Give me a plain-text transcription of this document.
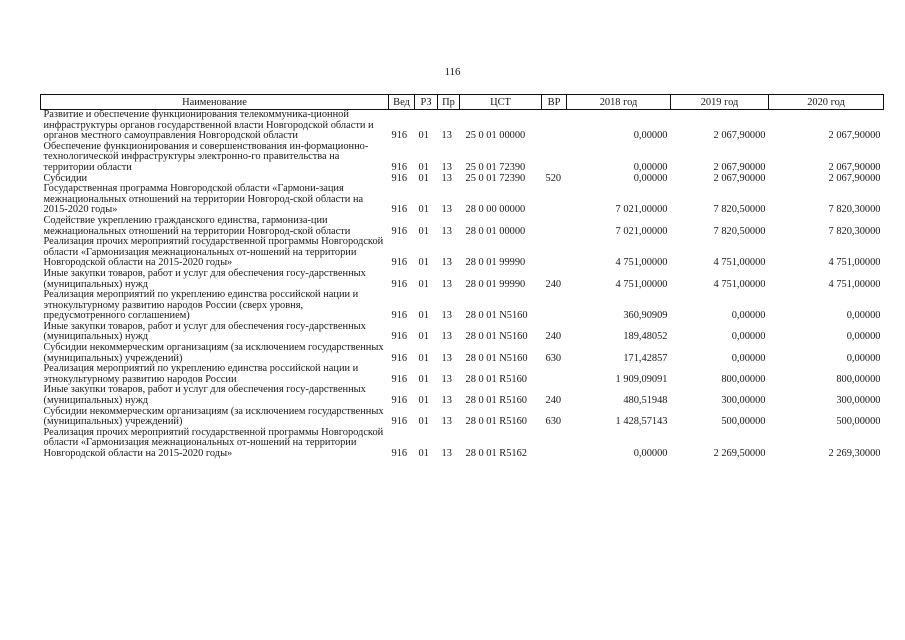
116
Наименование	Вед	РЗ	Пр	ЦСТ	ВР	2018 год	2019 год	2020 год
Развитие и обеспечение функционирования телекоммуника-ционной инфраструктуры органов государственной власти Новгородской области и органов местного самоуправления Новгородской области	916	01	13	25 0 01 00000		0,00000	2 067,90000	2 067,90000
Обеспечение функционирования и совершенствования ин-формационно- технологической инфраструктуры электронно-го правительства на территории области	916	01	13	25 0 01 72390		0,00000	2 067,90000	2 067,90000
Субсидии	916	01	13	25 0 01 72390	520	0,00000	2 067,90000	2 067,90000
Государственная программа Новгородской области «Гармони-зация межнациональных отношений на территории Новгород-ской области на 2015-2020 годы»	916	01	13	28 0 00 00000		7 021,00000	7 820,50000	7 820,30000
Содействие укреплению гражданского единства, гармониза-ции межнациональных отношений на территории Новгород-ской области	916	01	13	28 0 01 00000		7 021,00000	7 820,50000	7 820,30000
Реализация прочих мероприятий государственной программы Новгородской области «Гармонизация межнациональных от-ношений на территории Новгородской области на 2015-2020 годы»	916	01	13	28 0 01 99990		4 751,00000	4 751,00000	4 751,00000
Иные закупки товаров, работ и услуг для обеспечения госу-дарственных (муниципальных) нужд	916	01	13	28 0 01 99990	240	4 751,00000	4 751,00000	4 751,00000
Реализация мероприятий по укреплению единства российской нации и этнокультурному развитию народов России (сверх уровня, предусмотренного соглашением)	916	01	13	28 0 01 N5160		360,90909	0,00000	0,00000
Иные закупки товаров, работ и услуг для обеспечения госу-дарственных (муниципальных) нужд	916	01	13	28 0 01 N5160	240	189,48052	0,00000	0,00000
Субсидии некоммерческим организациям (за исключением государственных (муниципальных) учреждений)	916	01	13	28 0 01 N5160	630	171,42857	0,00000	0,00000
Реализация мероприятий по укреплению единства российской нации и этнокультурному развитию народов России	916	01	13	28 0 01 R5160		1 909,09091	800,00000	800,00000
Иные закупки товаров, работ и услуг для обеспечения госу-дарственных (муниципальных) нужд	916	01	13	28 0 01 R5160	240	480,51948	300,00000	300,00000
Субсидии некоммерческим организациям (за исключением государственных (муниципальных) учреждений)	916	01	13	28 0 01 R5160	630	1 428,57143	500,00000	500,00000
Реализация прочих мероприятий государственной программы Новгородской области «Гармонизация межнациональных от-ношений на территории Новгородской области на 2015-2020 годы»	916	01	13	28 0 01 R5162		0,00000	2 269,50000	2 269,30000
